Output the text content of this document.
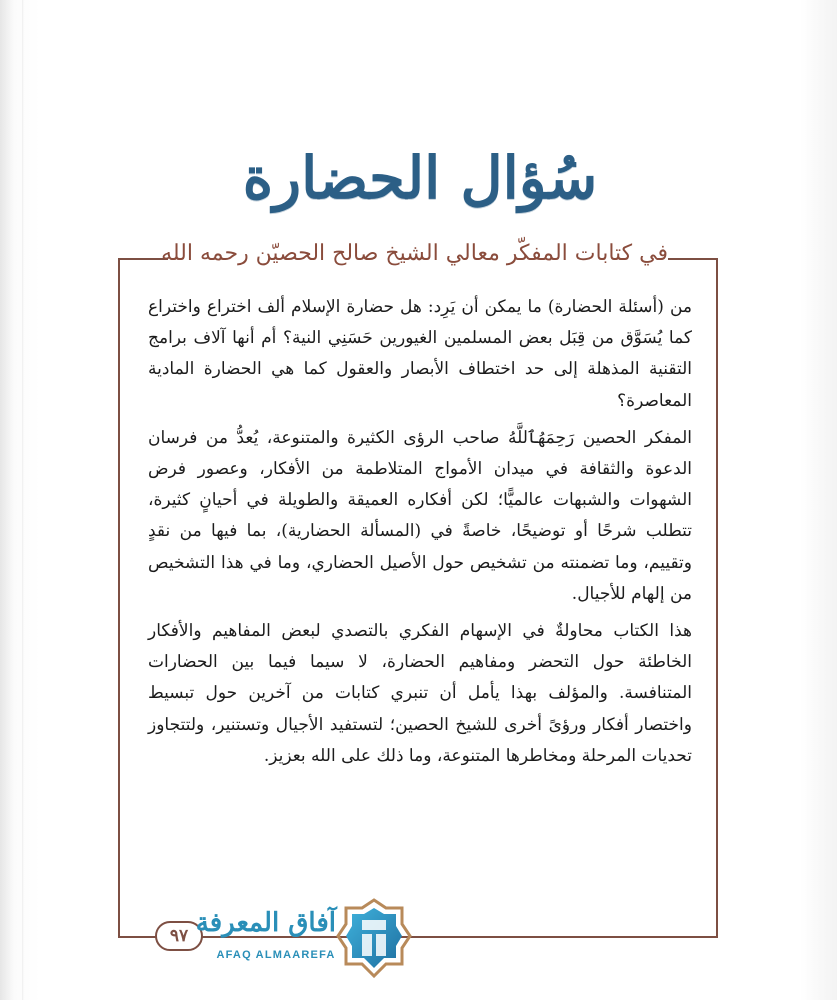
سُؤال الحضارة
في كتابات المفكّر معالي الشيخ صالح الحصيّن رحمه الله

من (أسئلة الحضارة) ما يمكن أن يَرِد: هل حضارة الإسلام ألف اختراع واختراع كما يُسَوَّق من قِبَل بعض المسلمين الغيورين حَسَنِي النية؟ أم أنها آلاف برامج التقنية المذهلة إلى حد اختطاف الأبصار والعقول كما هي الحضارة المادية المعاصرة؟

المفكر الحصين رَحِمَهُٱللَّهُ صاحب الرؤى الكثيرة والمتنوعة، يُعدُّ من فرسان الدعوة والثقافة في ميدان الأمواج المتلاطمة من الأفكار، وعصور فرض الشهوات والشبهات عالميًّا؛ لكن أفكاره العميقة والطويلة في أحيانٍ كثيرة، تتطلب شرحًا أو توضيحًا، خاصةً في (المسألة الحضارية)، بما فيها من نقدٍ وتقييم، وما تضمنته من تشخيص حول الأصيل الحضاري، وما في هذا التشخيص من إلهام للأجيال.

هذا الكتاب محاولةٌ في الإسهام الفكري بالتصدي لبعض المفاهيم والأفكار الخاطئة حول التحضر ومفاهيم الحضارة، لا سيما فيما بين الحضارات المتنافسة. والمؤلف بهذا يأمل أن تنبري كتابات من آخرين حول تبسيط واختصار أفكار ورؤىً أخرى للشيخ الحصين؛ لتستفيد الأجيال وتستنير، ولتتجاوز تحديات المرحلة ومخاطرها المتنوعة، وما ذلك على الله بعزيز.

٩٧ آفاق المعرفة
AFAQ ALMAAREFA
